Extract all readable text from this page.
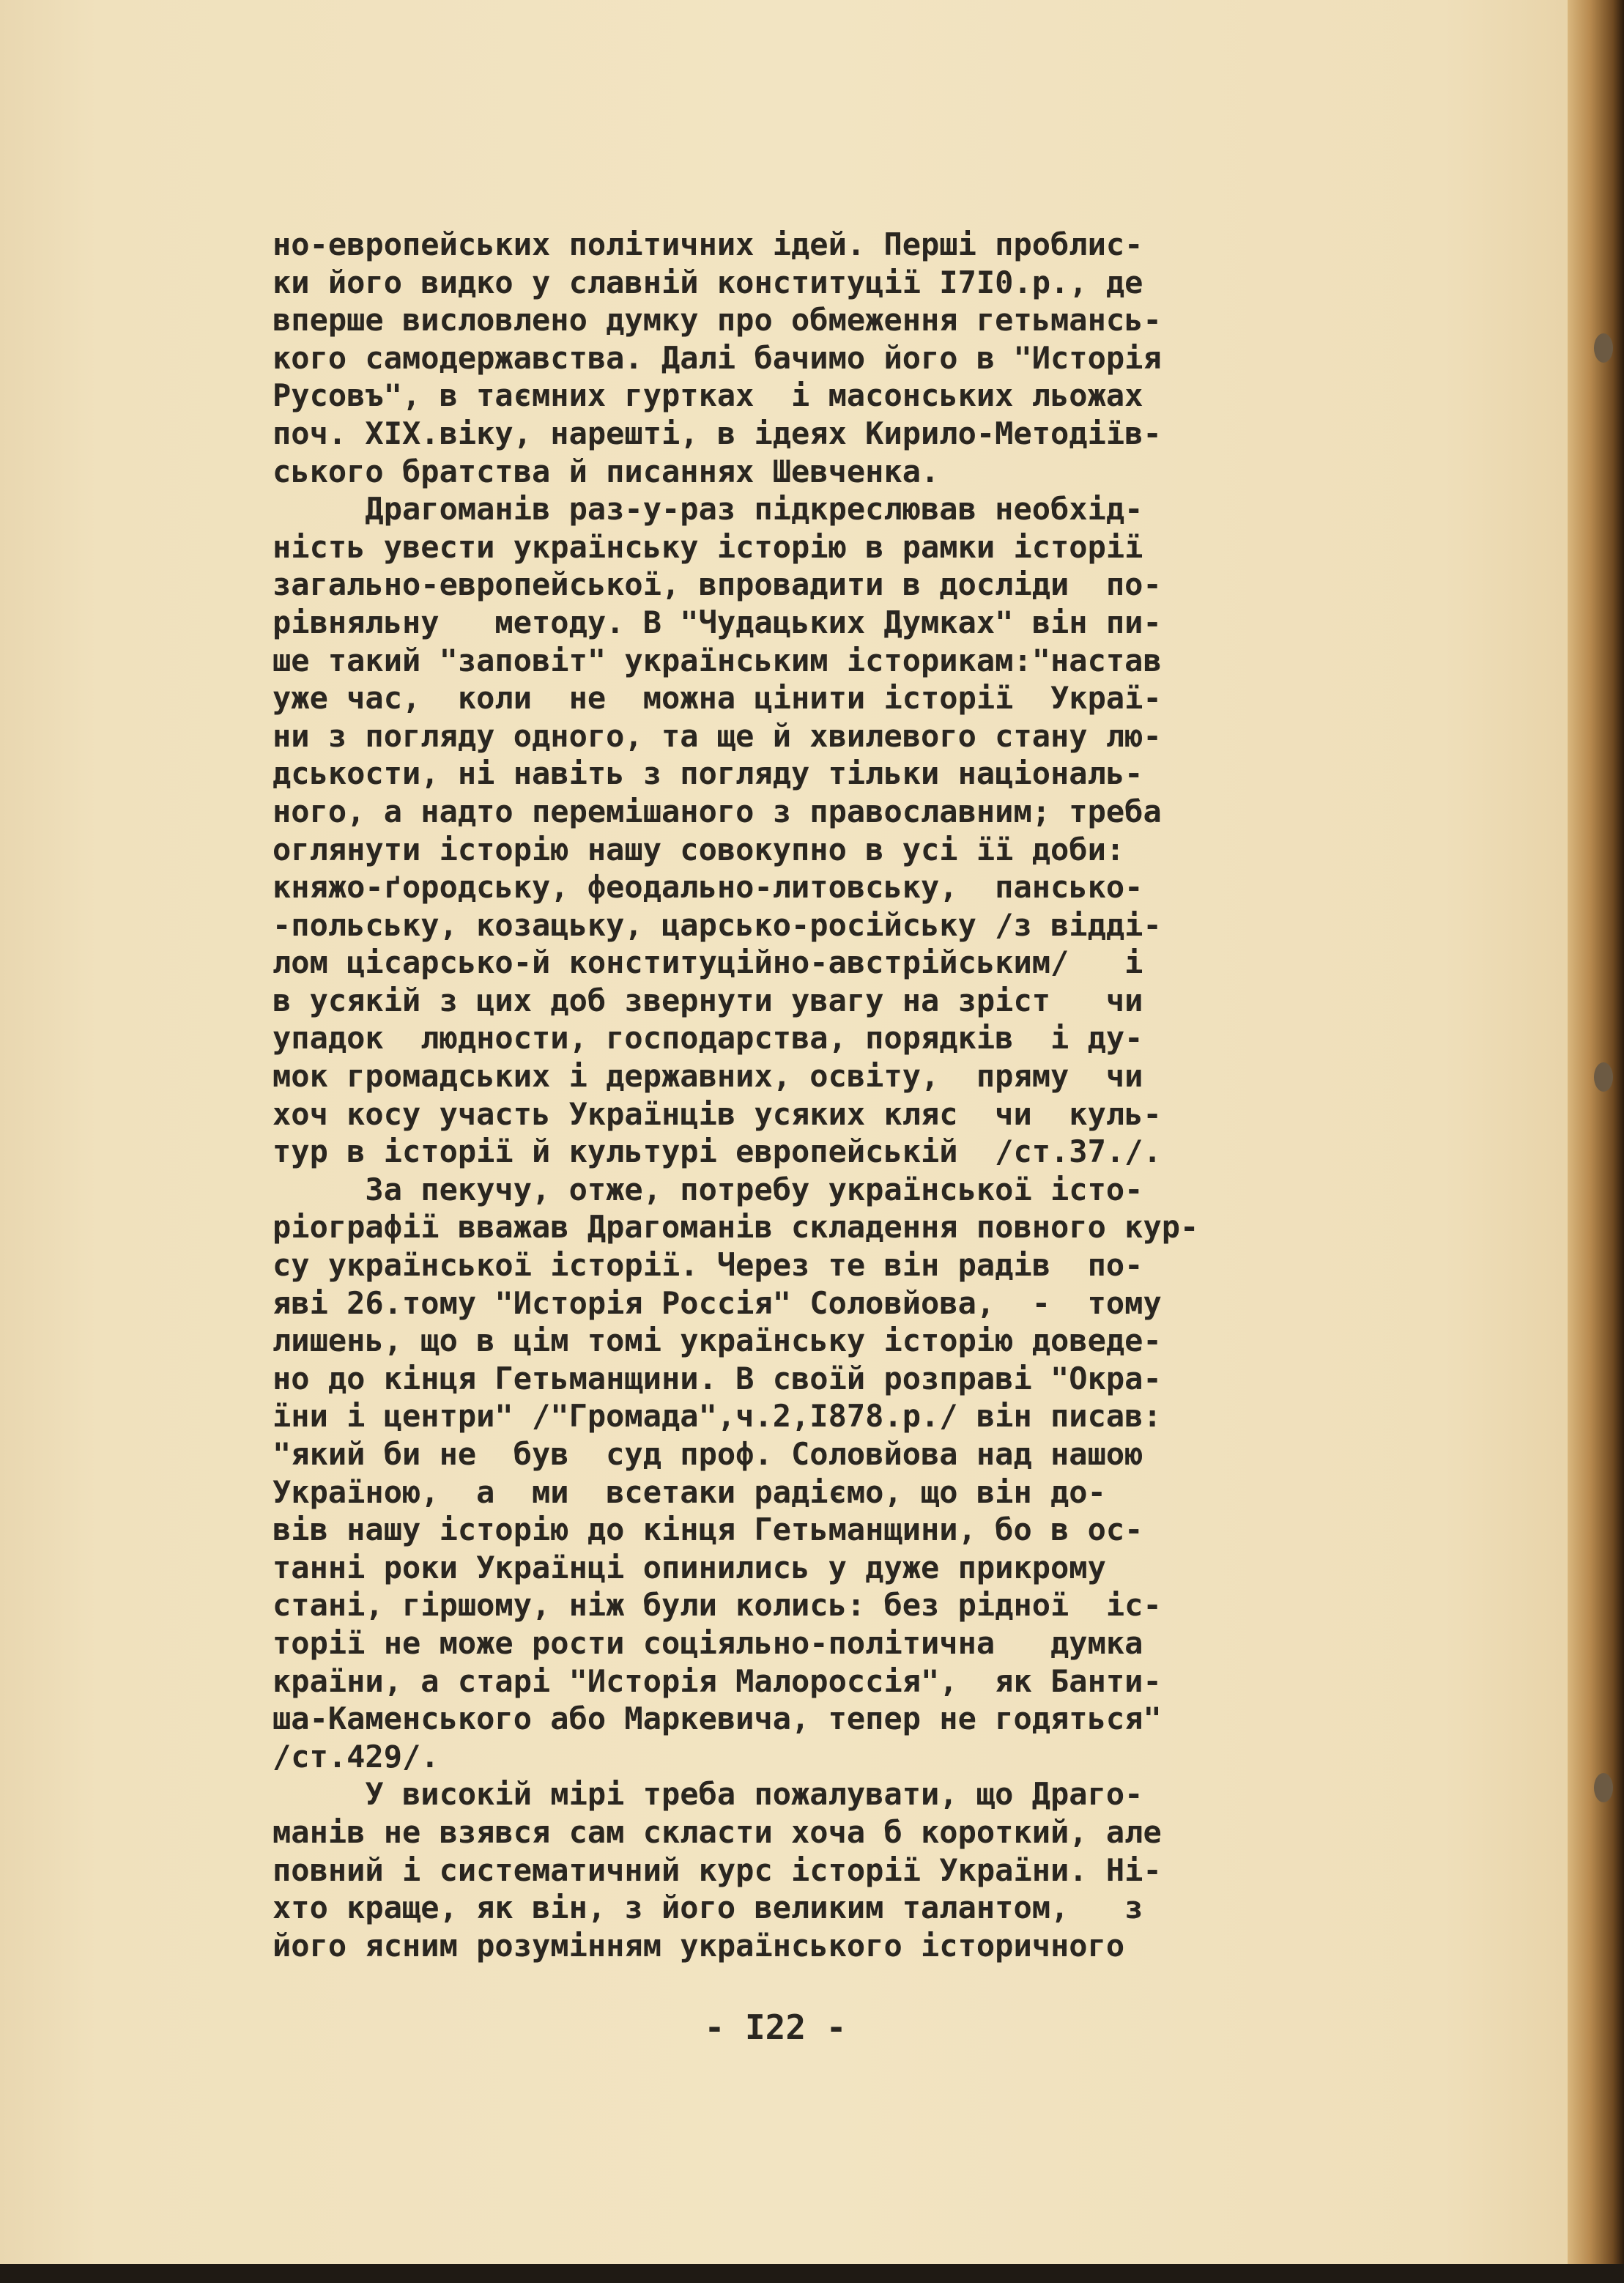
но-европейських політичних ідей. Перші проблис-
ки його видко у славній конституції І7І0.р., де
вперше висловлено думку про обмеження гетьмансь-
кого самодержавства. Далі бачимо його в "Исторія
Русовъ", в таємних гуртках  і масонських льожах
поч. XIX.віку, нарешті, в ідеях Кирило-Методіїв-
ського братства й писаннях Шевченка.
Драгоманів раз-у-раз підкреслював необхід-
ність увести українську історію в рамки історії
загально-европейської, впровадити в досліди  по-
рівняльну   методу. В "Чудацьких Думках" він пи-
ше такий "заповіт" українським історикам:"настав
уже час,  коли  не  можна цінити історії  Украї-
ни з погляду одного, та ще й хвилевого стану лю-
дськости, ні навіть з погляду тільки національ-
ного, а надто перемішаного з православним; треба
оглянути історію нашу совокупно в усі її доби:
княжо-ґородську, феодально-литовську,  панськo-
-польську, козацьку, царсько-російську /з відді-
лом цісарсько-й конституційно-австрійським/   і
в усякій з цих доб звернути увагу на зріст   чи
упадок  людности, господарства, порядків  і ду-
мок громадських і державних, освіту,  пряму  чи
хоч косу участь Українців усяких кляс  чи  куль-
тур в історії й культурі европейській  /ст.37./.
За пекучу, отже, потребу української істо-
ріографії вважав Драгоманів складення повного кур-
су української історії. Через те він радів  по-
яві 26.тому "Исторія Россія" Соловйова,  -  тому
лишень, що в цім томі українську історію доведе-
но до кінця Гетьманщини. В своїй розправі "Окра-
їни і центри" /"Громада",ч.2,І878.р./ він писав:
"який би не  був  суд проф. Соловйова над нашою
Україною,  а  ми  всетаки радіємо, що він до-
вів нашу історію до кінця Гетьманщини, бо в ос-
танні роки Українці опинились у дуже прикрому
стані, гіршому, ніж були колись: без рідної  іс-
торії не може рости соціяльно-політична   думка
країни, а старі "Исторія Малороссія",  як Банти-
ша-Каменського або Маркевича, тепер не годяться"
/ст.429/.
У високій мірі треба пожалувати, що Драго-
манів не взявся сам скласти хоча б короткий, але
повний і систематичний курс історії України. Ні-
хто краще, як він, з його великим талантом,   з
його ясним розумінням українського історичного
- І22 -
